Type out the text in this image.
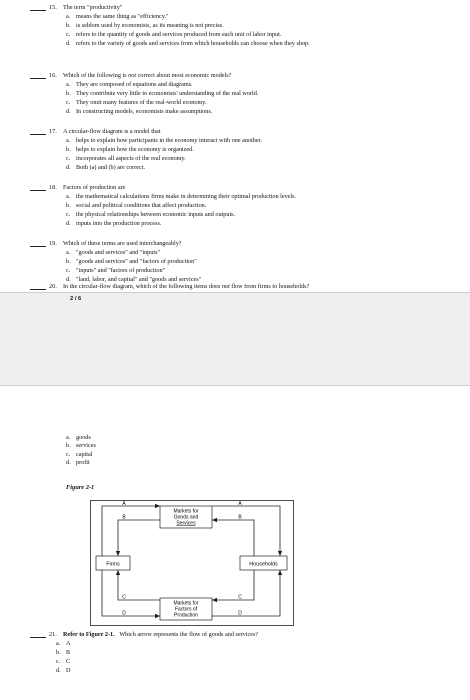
15.	The term "productivity"
a. means the same thing as "efficiency."
b. is seldom used by economists, as its meaning is not precise.
c. refers to the quantity of goods and services produced from each unit of labor input.
d. refers to the variety of goods and services from which households can choose when they shop.
16.	Which of the following is not correct about most economic models?
a. They are composed of equations and diagrams.
b. They contribute very little to economists' understanding of the real world.
c. They omit many features of the real-world economy.
d. In constructing models, economists make assumptions.
17.	A circular-flow diagram is a model that
a. helps to explain how participants in the economy interact with one another.
b. helps to explain how the economy is organized.
c. incorporates all aspects of the real economy.
d. Both (a) and (b) are correct.
18.	Factors of production are
a. the mathematical calculations firms make in determining their optimal production levels.
b. social and political conditions that affect production.
c. the physical relationships between economic inputs and outputs.
d. inputs into the production process.
19.	Which of these terms are used interchangeably?
a. "goods and services" and "inputs"
b. "goods and services" and "factors of production"
c. "inputs" and "factors of production"
d. "land, labor, and capital" and "goods and services"
a. goods
b. services
c. capital
d. profit
Figure 2-1
Firms	Households
Markets for
Goods and
Services
Markets for
Factors of
Production
A
B
A
B
C
D
C
D
21.	Refer to Figure 2-1. Which arrow represents the flow of goods and services?
a. A
b. B
c. C
d. D
20.	In the circular-flow diagram, which of the following items does not flow from firms to households?
2 / 6
